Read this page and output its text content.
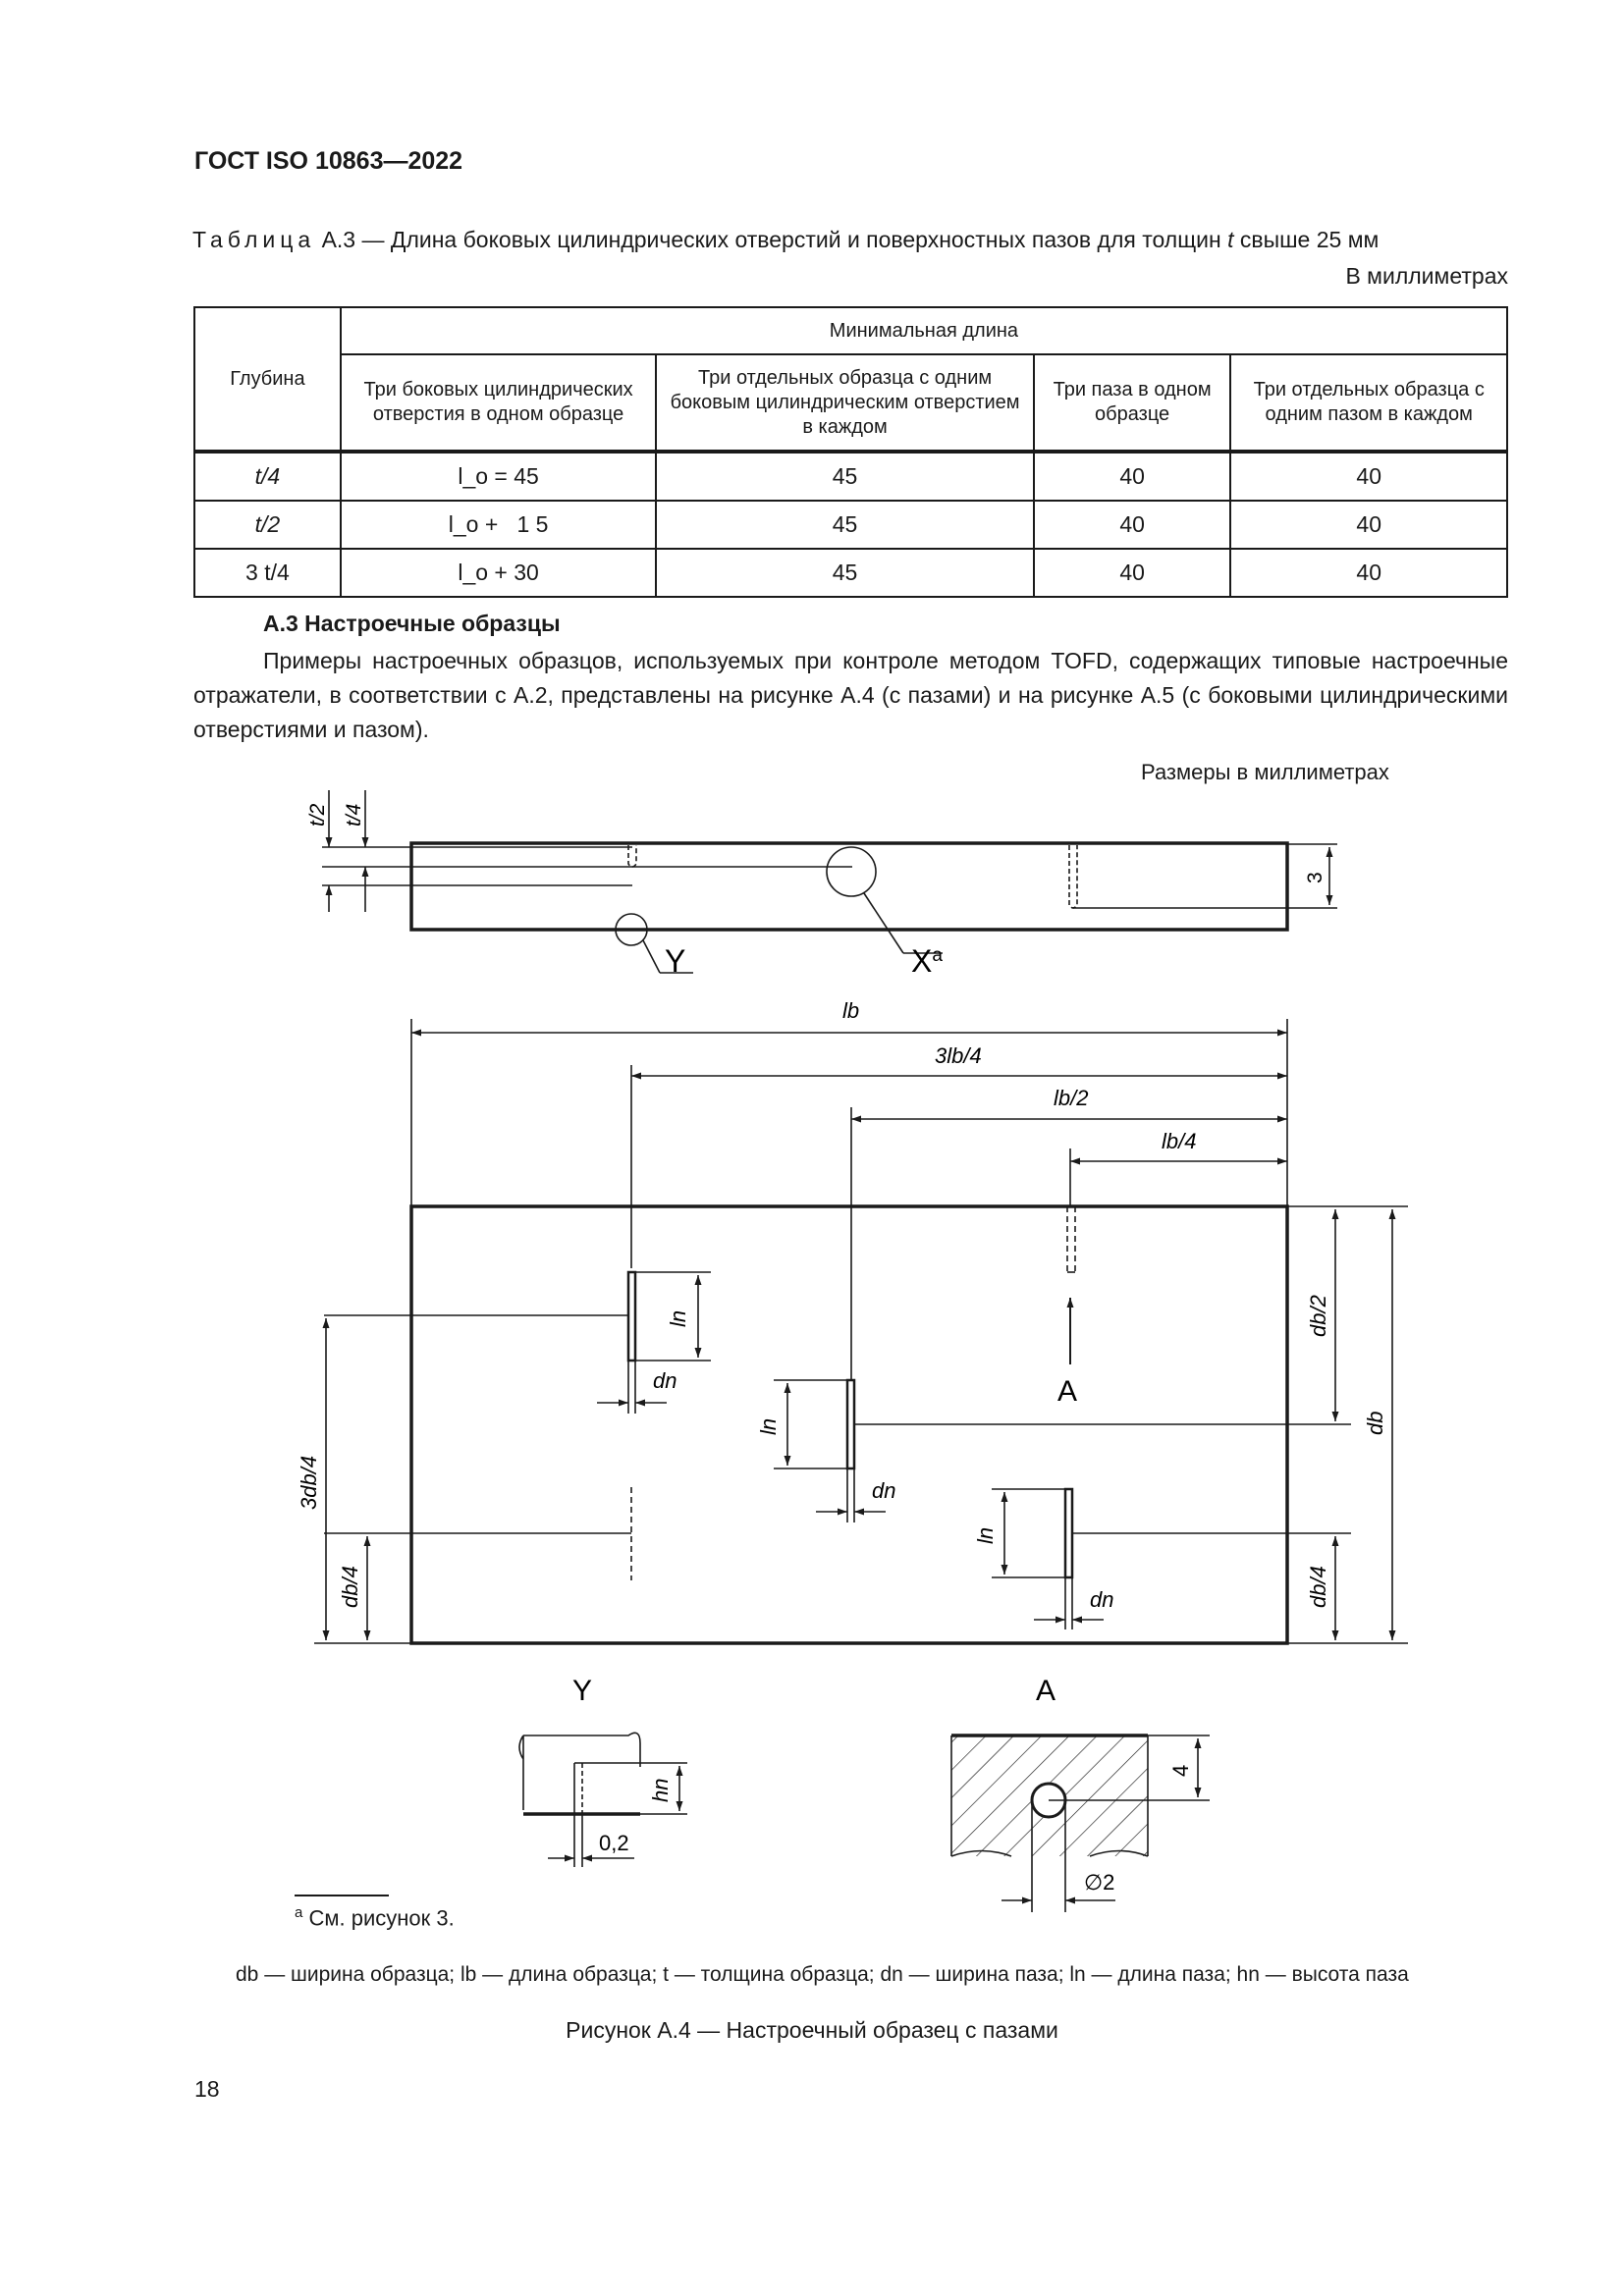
ГОСТ ISO 10863—2022
Таблица А.3 — Длина боковых цилиндрических отверстий и поверхностных пазов для толщин t свыше 25 мм
В миллиметрах
Глубина	Минимальная длина			
	Три боковых цилиндрических отверстия в одном образце	Три отдельных образца с одним боковым цилиндрическим отверстием в каждом	Три паза в одном образце	Три отдельных образца с одним пазом в каждом
t/4	l_o = 45	45	40	40
t/2	l_o +   1 5	45	40	40
3 t/4	l_o + 30	45	40	40
А.3 Настроечные образцы
Примеры настроечных образцов, используемых при контроле методом TOFD, содержащих типовые настроечные отражатели, в соответствии с А.2, представлены на рисунке А.4 (с пазами) и на рисунке А.5 (с боковыми цилиндрическими отверстиями и пазом).
Размеры в миллиметрах
t/2 t/4
3
Y	$X^a$
lb
3lb/4
lb/2
lb/4
ln
dn
ln
dn
ln
dn
A
db/2
db
db/4
3db/4
db/4
Y
hn
0,2
A
4
∅2
$^a$ См. рисунок 3.
db — ширина образца; lb — длина образца; t — толщина образца; dn — ширина паза; ln — длина паза; hn — высота паза
Рисунок А.4 — Настроечный образец с пазами
18
